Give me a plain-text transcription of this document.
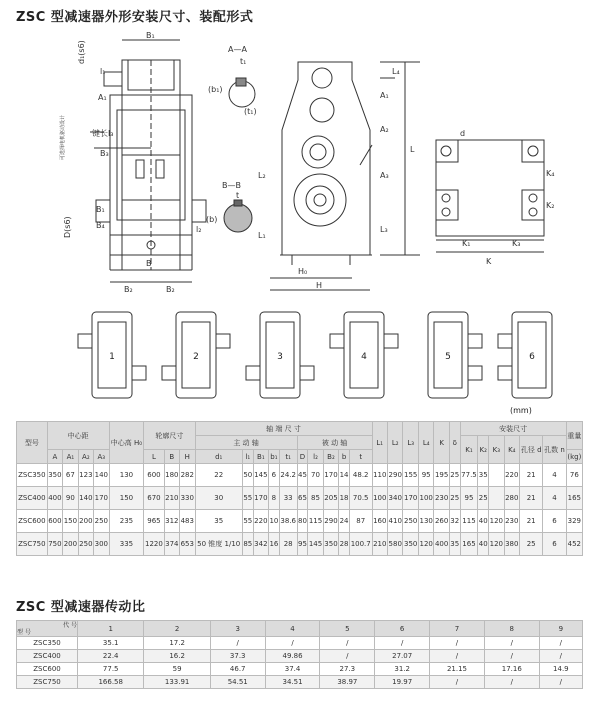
ZSC 型减速器外形安装尺寸、装配形式
B₁
d₁(s6)
l₁
A₁
键长l₃
B₃
B₁
D(s6)	B₄	l₂
B
B₂	B₂
可选择电机驱动设计
A—A
t₁
(b₁)
(t₁)
B—B
t
(b)
L₄
A₁
A₂
A₃
L
L₃
L₂
L₁
H₀
H
d
K₄
K₂
K₁	K₃
K
1	2	3	4	5	6
(mm)
型号	中心距				中心高 H₀	轮廓尺寸			轴 端 尺 寸										L₁	L₂	L₃	L₄	K	δ	安装尺寸						重量
									主 动 轴					被 动 轴											K₁	K₂	K₃	K₄	孔径 d	孔数 n	
	A	A₁	A₂	A₃		L	B	H	d₁	l₁	B₁	b₁	t₁	D	l₂	B₂	b	t													(kg)
ZSC350	350	67	123	140	130	600	180	282	22	50	145	6	24.2	45	70	170	14	48.2	110	290	155	95	195	25	77.5	35		220	21	4	76
ZSC400	400	90	140	170	150	670	210	330	30	55	170	8	33	65	85	205	18	70.5	100	340	170	100	230	25	95	25		280	21	4	165
ZSC600	600	150	200	250	235	965	312	483	35	55	220	10	38.6	80	115	290	24	87	160	410	250	130	260	32	115	40	120	230	21	6	329
ZSC750	750	200	250	300	335	1220	374	653	50 锥度 1/10	85	342	16	28	95	145	350	28	100.7	210	580	350	120	400	35	165	40	120	380	25	6	452
ZSC 型减速器传动比
代 号
型 号	1	2	3	4	5	6	7	8	9
ZSC350	35.1	17.2	/	/	/	/	/	/	/
ZSC400	22.4	16.2	37.3	49.86	/	27.07	/	/	/
ZSC600	77.5	59	46.7	37.4	27.3	31.2	21.15	17.16	14.9
ZSC750	166.58	133.91	54.51	34.51	38.97	19.97	/	/	/
